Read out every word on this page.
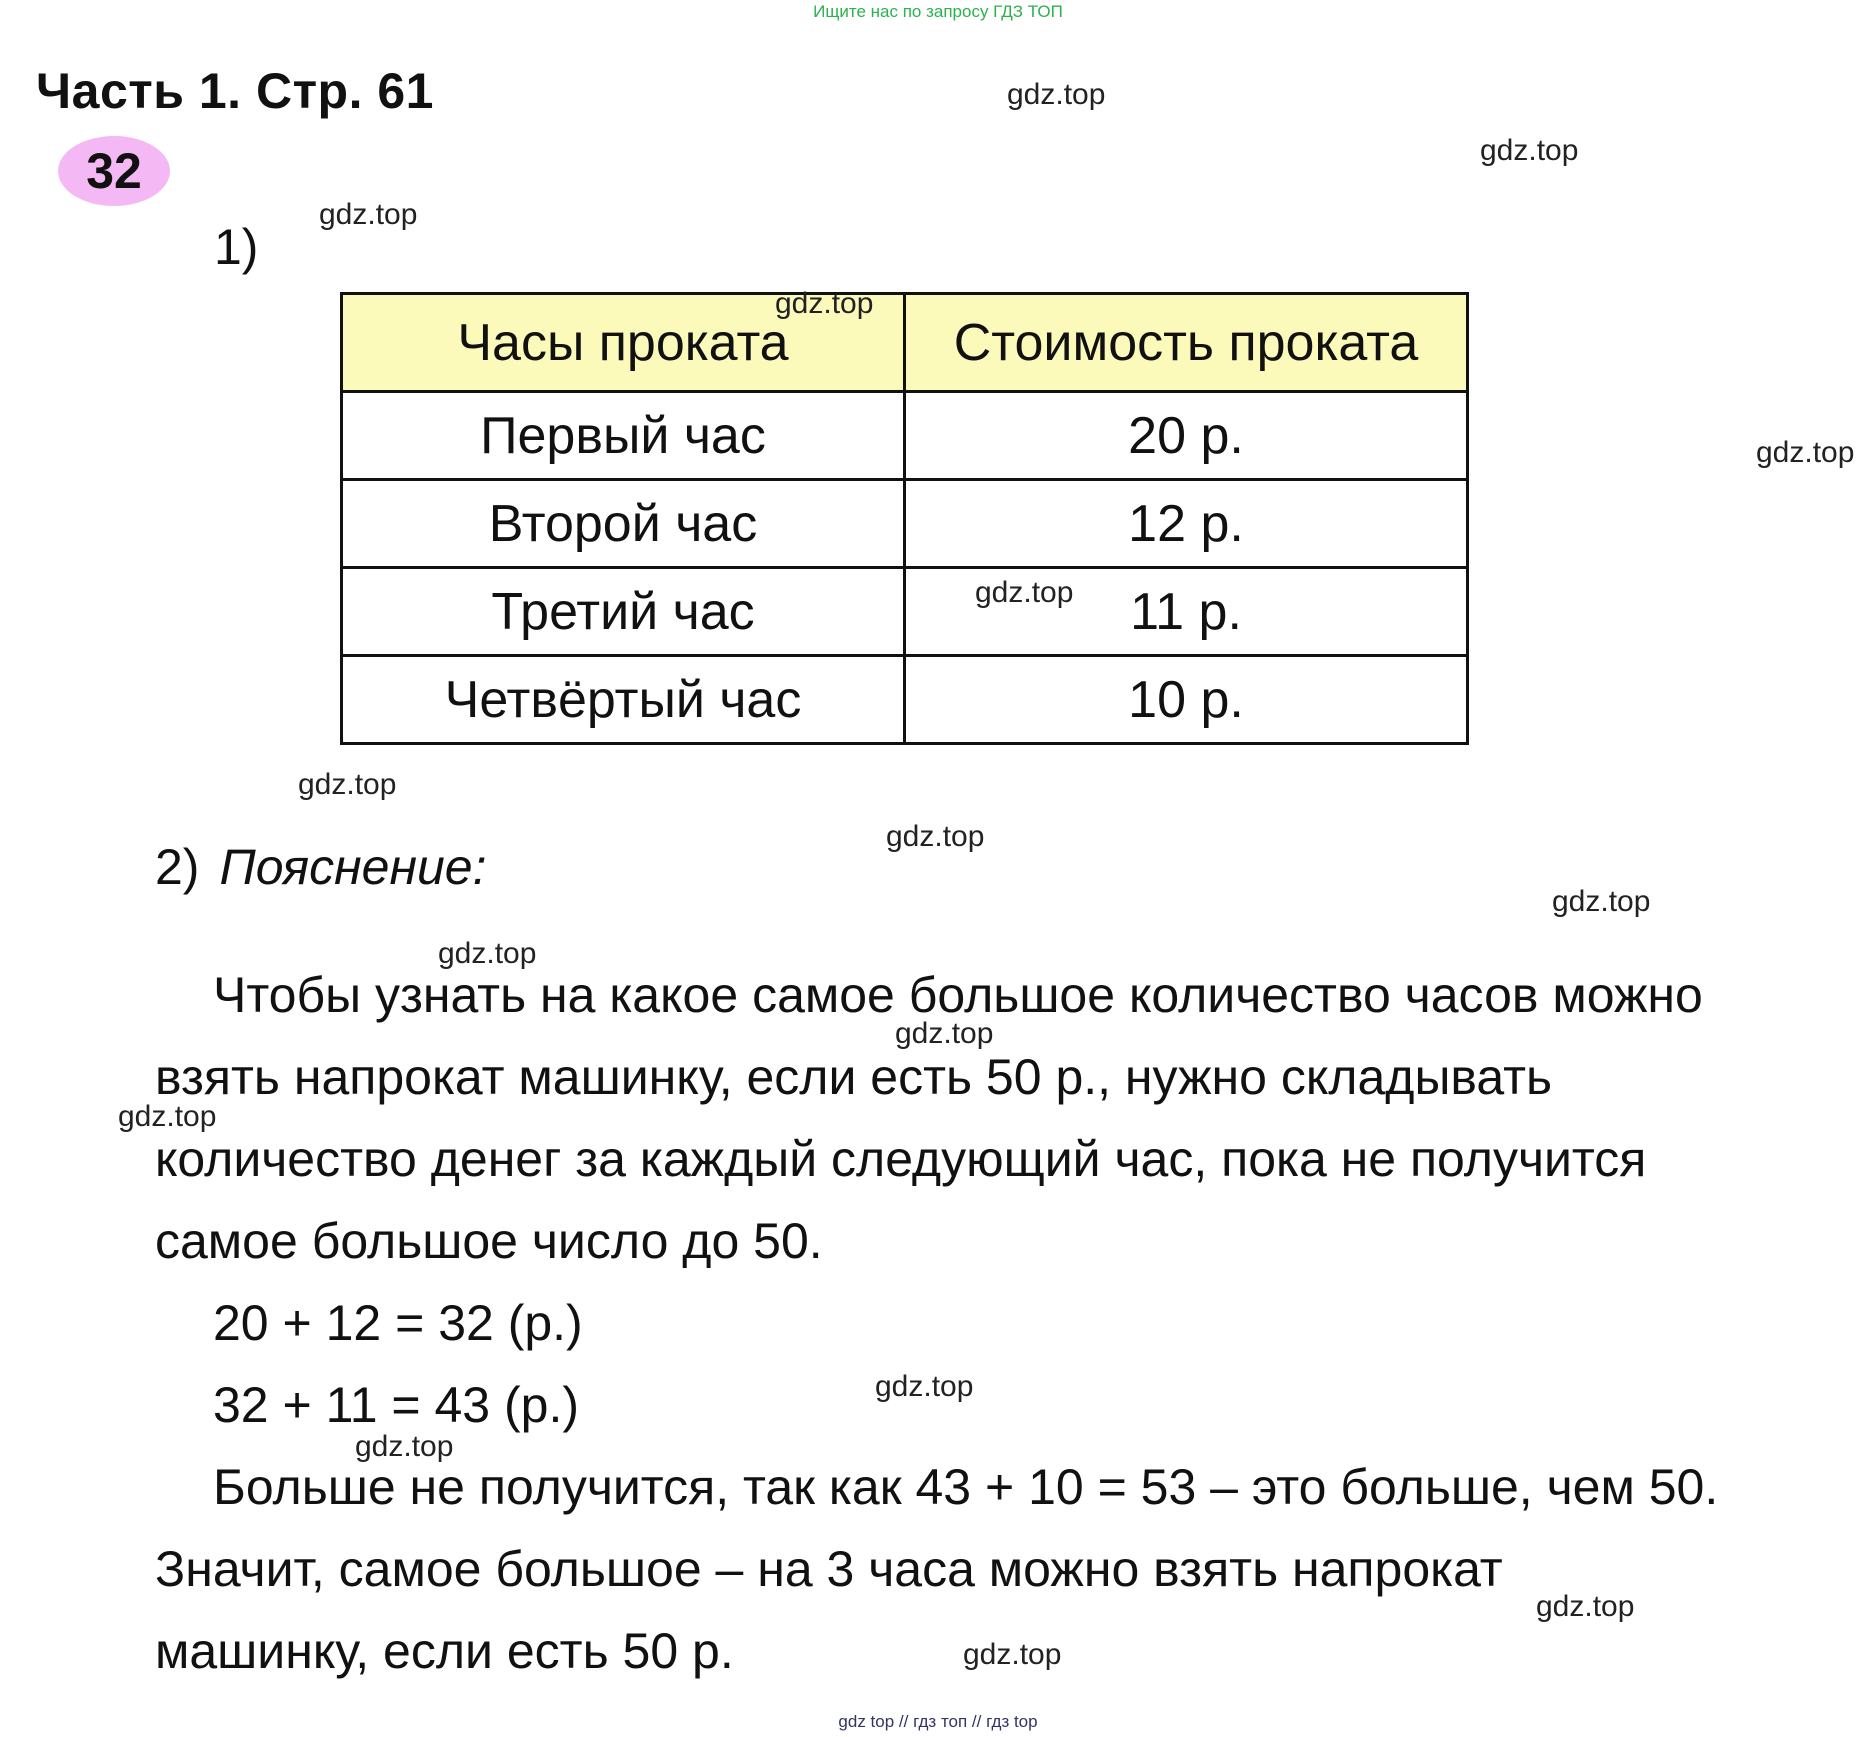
Ищите нас по запросу ГДЗ ТОП
Часть 1. Стр. 61
32
1)
Часы проката	Стоимость проката
Первый час	20 р.
Второй час	12 р.
Третий час	11 р.
Четвёртый час	10 р.
2) Пояснение:
Чтобы узнать на какое самое большое количество часов можно
взять напрокат машинку, если есть 50 р., нужно складывать
количество денег за каждый следующий час, пока не получится
самое большое число до 50.
20 + 12 = 32 (р.)
32 + 11 = 43 (р.)
Больше не получится, так как 43 + 10 = 53 – это больше, чем 50.
Значит, самое большое – на 3 часа можно взять напрокат
машинку, если есть 50 р.
gdz.top
gdz.top
gdz.top
gdz.top
gdz.top
gdz.top
gdz.top
gdz.top
gdz.top
gdz.top
gdz.top
gdz.top
gdz.top
gdz.top
gdz.top
gdz.top
gdz top // гдз топ // гдз top
